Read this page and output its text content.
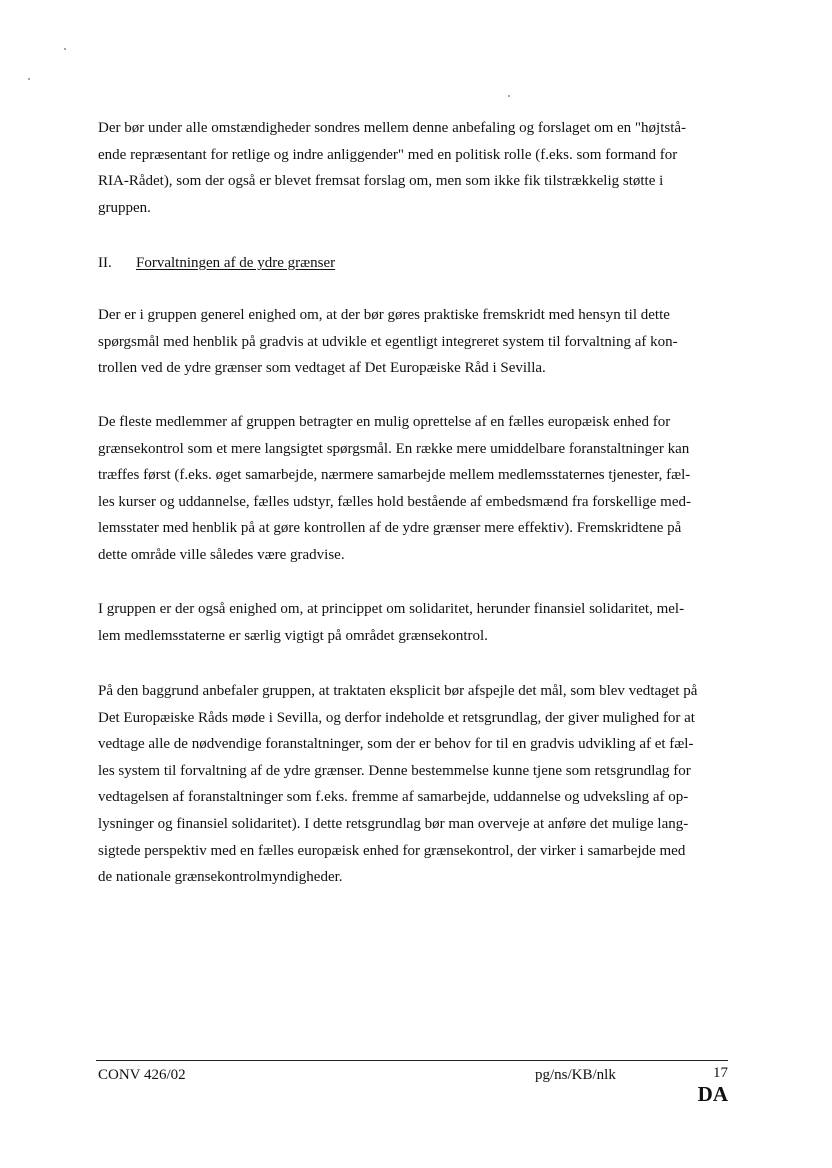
Der bør under alle omstændigheder sondres mellem denne anbefaling og forslaget om en "højtstå-
ende repræsentant for retlige og indre anliggender" med en politisk rolle (f.eks. som formand for
RIA-Rådet), som der også er blevet fremsat forslag om, men som ikke fik tilstrækkelig støtte i
gruppen.
II. Forvaltningen af de ydre grænser
Der er i gruppen generel enighed om, at der bør gøres praktiske fremskridt med hensyn til dette
spørgsmål med henblik på gradvis at udvikle et egentligt integreret system til forvaltning af kon-
trollen ved de ydre grænser som vedtaget af Det Europæiske Råd i Sevilla.
De fleste medlemmer af gruppen betragter en mulig oprettelse af en fælles europæisk enhed for
grænsekontrol som et mere langsigtet spørgsmål. En række mere umiddelbare foranstaltninger kan
træffes først (f.eks. øget samarbejde, nærmere samarbejde mellem medlemsstaternes tjenester, fæl-
les kurser og uddannelse, fælles udstyr, fælles hold bestående af embedsmænd fra forskellige med-
lemsstater med henblik på at gøre kontrollen af de ydre grænser mere effektiv). Fremskridtene på
dette område ville således være gradvise.
I gruppen er der også enighed om, at princippet om solidaritet, herunder finansiel solidaritet, mel-
lem medlemsstaterne er særlig vigtigt på området grænsekontrol.
På den baggrund anbefaler gruppen, at traktaten eksplicit bør afspejle det mål, som blev vedtaget på
Det Europæiske Råds møde i Sevilla, og derfor indeholde et retsgrundlag, der giver mulighed for at
vedtage alle de nødvendige foranstaltninger, som der er behov for til en gradvis udvikling af et fæl-
les system til forvaltning af de ydre grænser. Denne bestemmelse kunne tjene som retsgrundlag for
vedtagelsen af foranstaltninger som f.eks. fremme af samarbejde, uddannelse og udveksling af op-
lysninger og finansiel solidaritet). I dette retsgrundlag bør man overveje at anføre det mulige lang-
sigtede perspektiv med en fælles europæisk enhed for grænsekontrol, der virker i samarbejde med
de nationale grænsekontrolmyndigheder.
CONV 426/02	pg/ns/KB/nlk	17
DA
